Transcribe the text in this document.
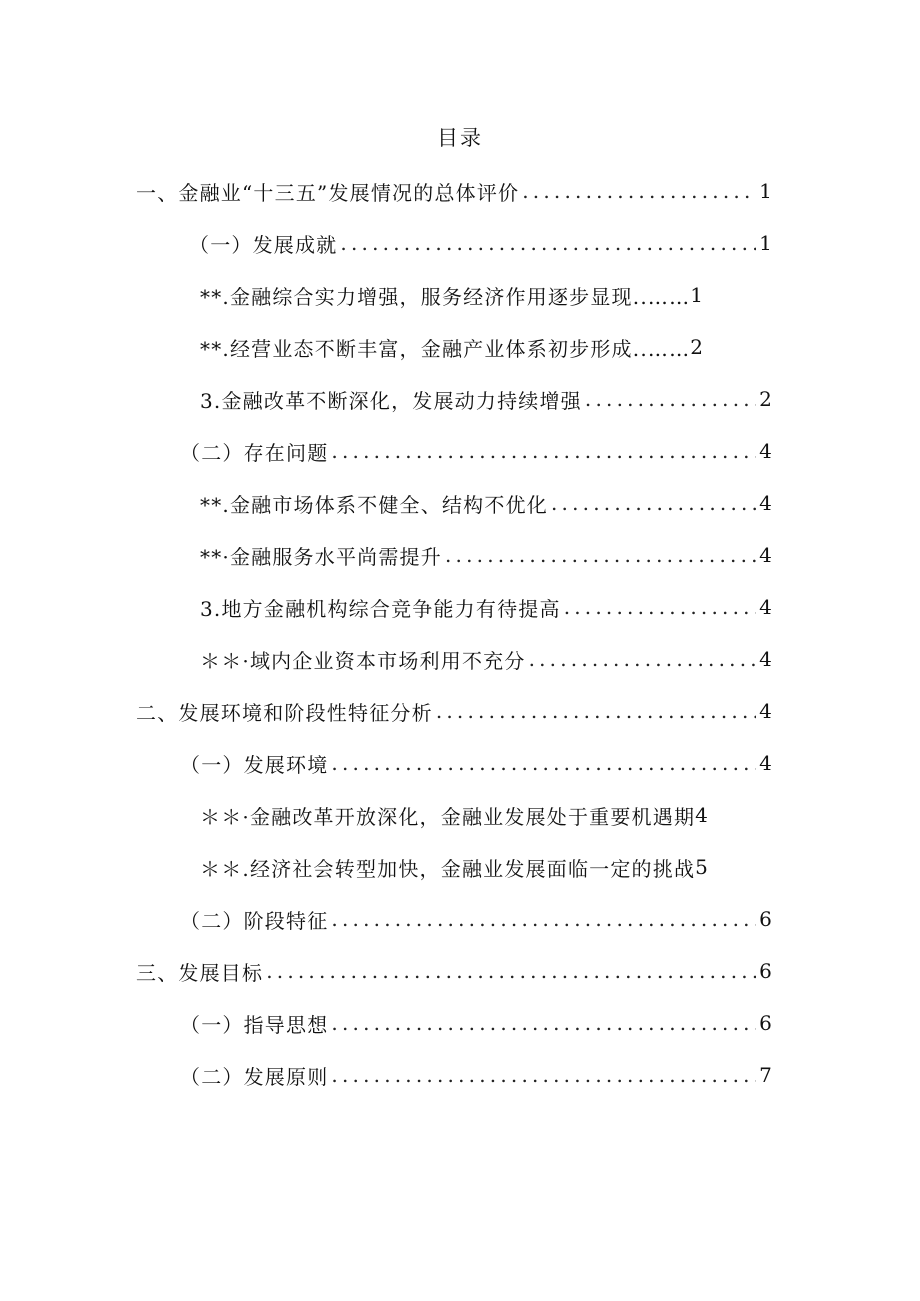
目录
一、金融业“十三五”发展情况的总体评价 .....	1
（一）发展成就 .....	1
**.金融综合实力增强，服务经济作用逐步显现..…… 1
**.经营业态不断丰富，金融产业体系初步形成..…… 2
3.金融改革不断深化，发展动力持续增强 .....	2
（二）存在问题 .....	4
**.金融市场体系不健全、结构不优化 .....	4
**·金融服务水平尚需提升 .....	4
3.地方金融机构综合竞争能力有待提高 .....	4
＊＊·域内企业资本市场利用不充分 .....	4
二、发展环境和阶段性特征分析 .....	4
（一）发展环境 .....	4
＊＊·金融改革开放深化，金融业发展处于重要机遇期 4
＊＊.经济社会转型加快，金融业发展面临一定的挑战 5
（二）阶段特征 .....	6
三、发展目标 .....	6
（一）指导思想 .....	6
（二）发展原则 .....	7
